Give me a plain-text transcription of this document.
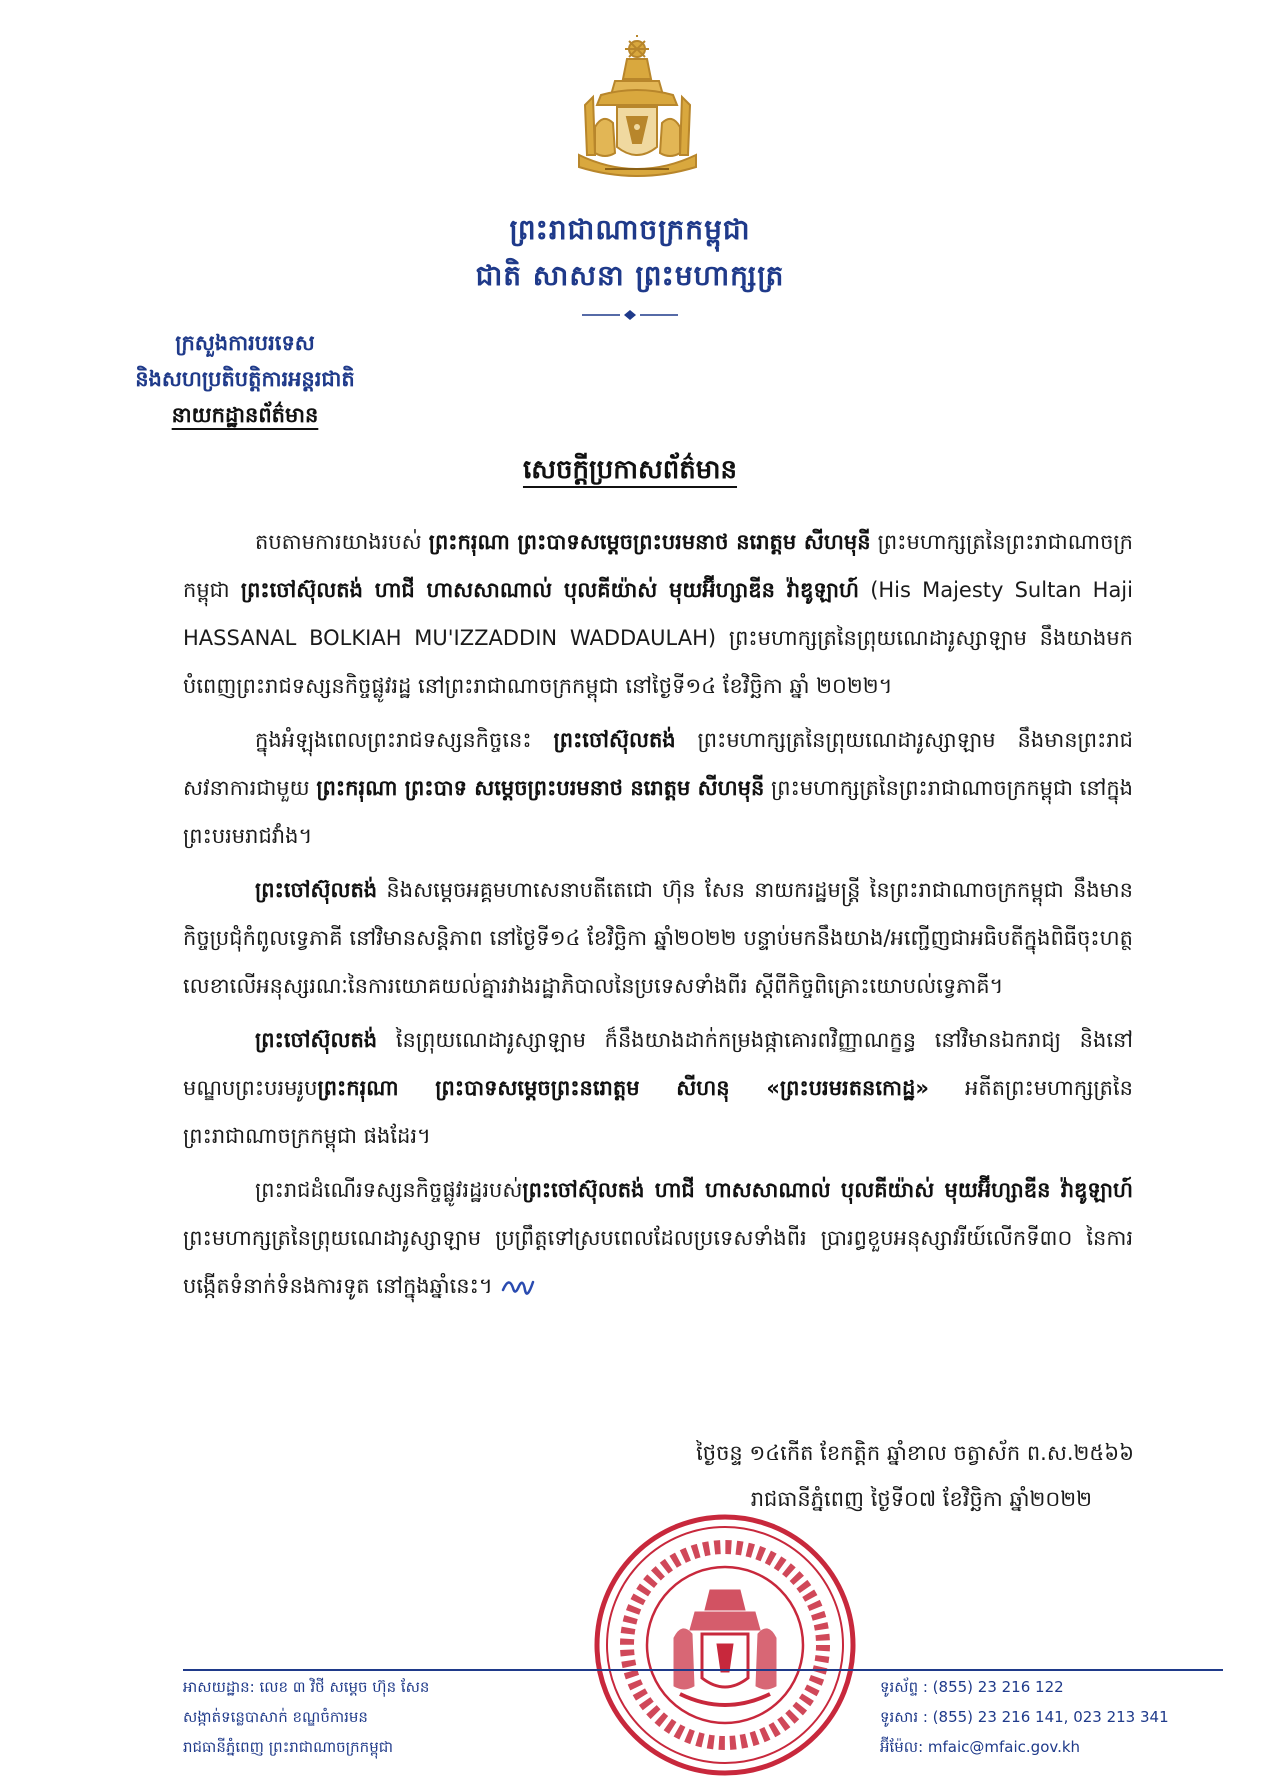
ព្រះរាជាណាចក្រកម្ពុជា
ជាតិ សាសនា ព្រះមហាក្សត្រ
ក្រសួងការបរទេស
និងសហប្រតិបត្តិការអន្តរជាតិ
នាយកដ្ឋានព័ត៌មាន
សេចក្តីប្រកាសព័ត៌មាន

តបតាមការយាងរបស់ ព្រះករុណា ព្រះបាទសម្តេចព្រះបរមនាថ នរោត្តម សីហមុនី ព្រះមហាក្សត្រនៃព្រះរាជាណាចក្រកម្ពុជា ព្រះចៅស៊ុលតង់ ហាជី ហាសសាណាល់ បុលគីយ៉ាស់ មុយអ៊ីហ្សាឌីន វ៉ាឌូឡាហ៍ (His Majesty Sultan Haji HASSANAL BOLKIAH MU'IZZADDIN WADDAULAH) ព្រះមហាក្សត្រនៃព្រុយណេដារូស្សាឡាម នឹងយាងមកបំពេញព្រះរាជទស្សនកិច្ចផ្លូវរដ្ឋ នៅព្រះរាជាណាចក្រកម្ពុជា នៅថ្ងៃទី១៤ ខែវិច្ឆិកា ឆ្នាំ ២០២២។

ក្នុងអំឡុងពេលព្រះរាជទស្សនកិច្ចនេះ ព្រះចៅស៊ុលតង់ ព្រះមហាក្សត្រនៃព្រុយណេដារូស្សាឡាម នឹងមានព្រះរាជសវនាការជាមួយ ព្រះករុណា ព្រះបាទ សម្តេចព្រះបរមនាថ នរោត្តម សីហមុនី ព្រះមហាក្សត្រនៃព្រះរាជាណាចក្រកម្ពុជា នៅក្នុងព្រះបរមរាជវាំង។

ព្រះចៅស៊ុលតង់ និងសម្តេចអគ្គមហាសេនាបតីតេជោ ហ៊ុន សែន នាយករដ្ឋមន្ត្រី នៃព្រះរាជាណាចក្រកម្ពុជា នឹងមានកិច្ចប្រជុំកំពូលទ្វេភាគី នៅវិមានសន្តិភាព នៅថ្ងៃទី១៤ ខែវិច្ឆិកា ឆ្នាំ២០២២ បន្ទាប់មកនឹងយាង/អញ្ជើញជាអធិបតីក្នុងពិធីចុះហត្ថលេខាលើអនុស្សរណៈនៃការយោគយល់គ្នារវាងរដ្ឋាភិបាលនៃប្រទេសទាំងពីរ ស្តីពីកិច្ចពិគ្រោះយោបល់ទ្វេភាគី។

ព្រះចៅស៊ុលតង់ នៃព្រុយណេដារូស្សាឡាម ក៏នឹងយាងដាក់កម្រងផ្កាគោរពវិញ្ញាណក្ខន្ធ នៅវិមានឯករាជ្យ និងនៅមណ្ឌបព្រះបរមរូបព្រះករុណា ព្រះបាទសម្តេចព្រះនរោត្តម សីហនុ «ព្រះបរមរតនកោដ្ឋ» អតីតព្រះមហាក្សត្រនៃព្រះរាជាណាចក្រកម្ពុជា ផងដែរ។

ព្រះរាជដំណើរទស្សនកិច្ចផ្លូវរដ្ឋរបស់ព្រះចៅស៊ុលតង់ ហាជី ហាសសាណាល់ បុលគីយ៉ាស់ មុយអ៊ីហ្សាឌីន វ៉ាឌូឡាហ៍ ព្រះមហាក្សត្រនៃព្រុយណេដារូស្សាឡាម ប្រព្រឹត្តទៅស្របពេលដែលប្រទេសទាំងពីរ ប្រារព្ធខួបអនុស្សាវរីយ៍លើកទី៣០ នៃការបង្កើតទំនាក់ទំនងការទូត នៅក្នុងឆ្នាំនេះ។

ថ្ងៃចន្ទ ១៤កើត ខែកត្តិក ឆ្នាំខាល ចត្វាស័ក ព.ស.២៥៦៦
រាជធានីភ្នំពេញ ថ្ងៃទី០៧ ខែវិច្ឆិកា ឆ្នាំ២០២២
អាសយដ្ឋាន: លេខ ៣ វិថី សម្តេច ហ៊ុន សែន
សង្កាត់ទន្លេបាសាក់ ខណ្ឌចំការមន
រាជធានីភ្នំពេញ ព្រះរាជាណាចក្រកម្ពុជា
ទូរស័ព្ទ : (855) 23 216 122
ទូរសារ : (855) 23 216 141, 023 213 341
អ៊ីម៉ែល: mfaic@mfaic.gov.kh
